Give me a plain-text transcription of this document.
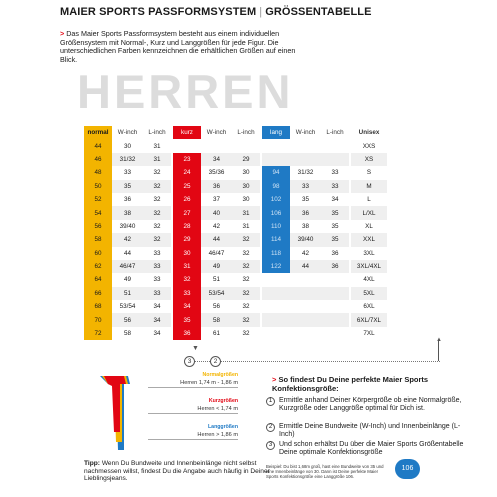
MAIER SPORTS PASSFORMSYSTEM | GRÖSSENTABELLE

> Das Maier Sports Passformsystem besteht aus einem individuellen Größensystem mit Normal-, Kurz und Langgrößen für jede Figur. Die unterschiedlichen Farben kennzeichnen die erhältlichen Größen auf einen Blick.

HERREN
normal	W-inch	L-inch		kurz	W-inch	L-inch		lang	W-inch	L-inch		Unisex
44	30	31										XXS
46	31/32	31		23	34	29						XS
48	33	32		24	35/36	30		94	31/32	33		S
50	35	32		25	36	30		98	33	33		M
52	36	32		26	37	30		102	35	34		L
54	38	32		27	40	31		106	36	35		L/XL
56	39/40	32		28	42	31		110	38	35		XL
58	42	32		29	44	32		114	39/40	35		XXL
60	44	33		30	46/47	32		118	42	36		3XL
62	46/47	33		31	49	32		122	44	36		3XL/4XL
64	49	33		32	51	32						4XL
66	51	33		33	53/54	32						5XL
68	53/54	34		34	56	32						6XL
70	56	34		35	58	32						6XL/7XL
72	58	34		36	61	32						7XL
▼
▲
3	2
Normalgrößen
Herren 1,74 m - 1,86 m
Kurzgrößen
Herren < 1,74 m
Langgrößen
Herren > 1,86 m
> So findest Du Deine perfekte Maier Sports Konfektionsgröße:
1 Ermittle anhand Deiner Körpergröße ob eine Normalgröße, Kurzgröße oder Langgröße optimal für Dich ist.
2 Ermittle Deine Bundweite (W-Inch) und Innenbeinlänge (L-Inch)
3 Und schon erhältst Du über die Maier Sports Größentabelle Deine optimale Konfektionsgröße

Beispiel: Du bist 1,68m groß, hast eine Bundweite von 35 und eine Innenbeinlänge von 30. Dann ist Deine perfekte Maier Sports Konfektionsgröße eine Langgröße 106.

Tipp: Wenn Du Bundweite und Innenbeinlänge nicht selbst nachmessen willst, findest Du die Angabe auch häufig in Deiner Lieblingsjeans.

106
